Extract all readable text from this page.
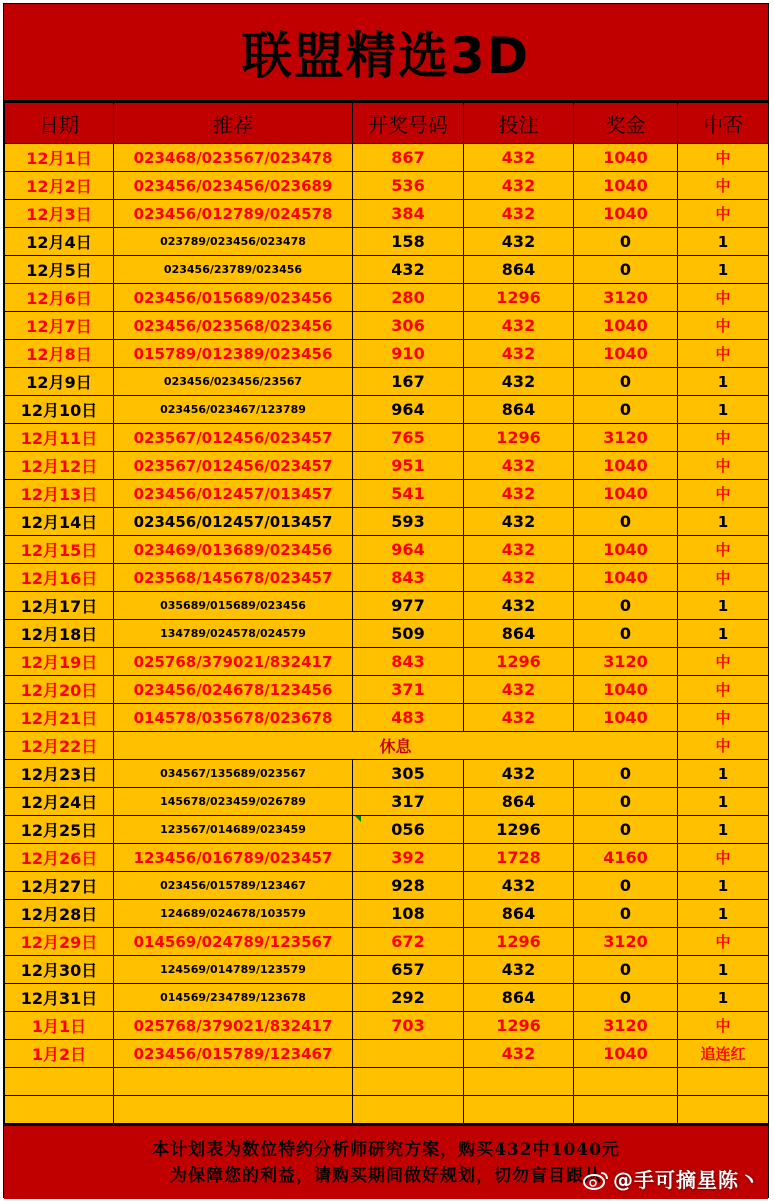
联盟精选3D
日期	推荐	开奖号码	投注	奖金	中否
12月1日	023468/023567/023478	867	432	1040	中
12月2日	023456/023456/023689	536	432	1040	中
12月3日	023456/012789/024578	384	432	1040	中
12月4日	023789/023456/023478	158	432	0	1
12月5日	023456/23789/023456	432	864	0	1
12月6日	023456/015689/023456	280	1296	3120	中
12月7日	023456/023568/023456	306	432	1040	中
12月8日	015789/012389/023456	910	432	1040	中
12月9日	023456/023456/23567	167	432	0	1
12月10日	023456/023467/123789	964	864	0	1
12月11日	023567/012456/023457	765	1296	3120	中
12月12日	023567/012456/023457	951	432	1040	中
12月13日	023456/012457/013457	541	432	1040	中
12月14日	023456/012457/013457	593	432	0	1
12月15日	023469/013689/023456	964	432	1040	中
12月16日	023568/145678/023457	843	432	1040	中
12月17日	035689/015689/023456	977	432	0	1
12月18日	134789/024578/024579	509	864	0	1
12月19日	025768/379021/832417	843	1296	3120	中
12月20日	023456/024678/123456	371	432	1040	中
12月21日	014578/035678/023678	483	432	1040	中
12月22日	休息				中
12月23日	034567/135689/023567	305	432	0	1
12月24日	145678/023459/026789	317	864	0	1
12月25日	123567/014689/023459	056	1296	0	1
12月26日	123456/016789/023457	392	1728	4160	中
12月27日	023456/015789/123467	928	432	0	1
12月28日	124689/024678/103579	108	864	0	1
12月29日	014569/024789/123567	672	1296	3120	中
12月30日	124569/014789/123579	657	432	0	1
12月31日	014569/234789/123678	292	864	0	1
1月1日	025768/379021/832417	703	1296	3120	中
1月2日	023456/015789/123467		432	1040	追连红

本计划表为数位特约分析师研究方案，购买432中1040元
为保障您的利益，请购买期间做好规划，切勿盲目跟从 @手可摘星陈丶
